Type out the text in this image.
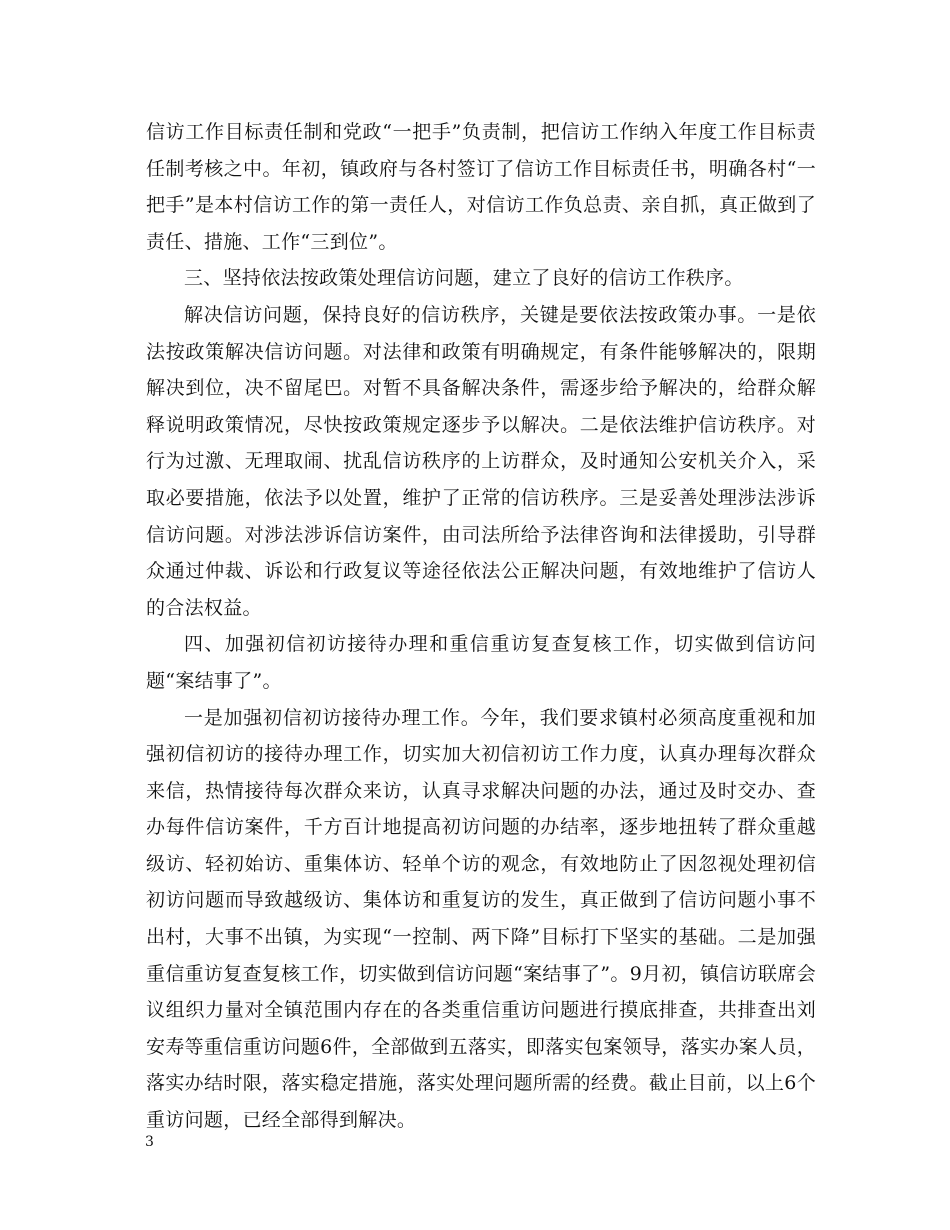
信访工作目标责任制和党政“一把手”负责制，把信访工作纳入年度工作目标责任制考核之中。年初，镇政府与各村签订了信访工作目标责任书，明确各村“一把手”是本村信访工作的第一责任人，对信访工作负总责、亲自抓，真正做到了责任、措施、工作“三到位”。

三、坚持依法按政策处理信访问题，建立了良好的信访工作秩序。

解决信访问题，保持良好的信访秩序，关键是要依法按政策办事。一是依法按政策解决信访问题。对法律和政策有明确规定，有条件能够解决的，限期解决到位，决不留尾巴。对暂不具备解决条件，需逐步给予解决的，给群众解释说明政策情况，尽快按政策规定逐步予以解决。二是依法维护信访秩序。对行为过激、无理取闹、扰乱信访秩序的上访群众，及时通知公安机关介入，采取必要措施，依法予以处置，维护了正常的信访秩序。三是妥善处理涉法涉诉信访问题。对涉法涉诉信访案件，由司法所给予法律咨询和法律援助，引导群众通过仲裁、诉讼和行政复议等途径依法公正解决问题，有效地维护了信访人的合法权益。

四、加强初信初访接待办理和重信重访复查复核工作，切实做到信访问题“案结事了”。

一是加强初信初访接待办理工作。今年，我们要求镇村必须高度重视和加强初信初访的接待办理工作，切实加大初信初访工作力度，认真办理每次群众来信，热情接待每次群众来访，认真寻求解决问题的办法，通过及时交办、查办每件信访案件，千方百计地提高初访问题的办结率，逐步地扭转了群众重越级访、轻初始访、重集体访、轻单个访的观念，有效地防止了因忽视处理初信初访问题而导致越级访、集体访和重复访的发生，真正做到了信访问题小事不出村，大事不出镇，为实现“一控制、两下降”目标打下坚实的基础。二是加强重信重访复查复核工作，切实做到信访问题“案结事了”。9月初，镇信访联席会议组织力量对全镇范围内存在的各类重信重访问题进行摸底排查，共排查出刘安寿等重信重访问题6件，全部做到五落实，即落实包案领导，落实办案人员，落实办结时限，落实稳定措施，落实处理问题所需的经费。截止目前，以上6个重访问题，已经全部得到解决。

3
